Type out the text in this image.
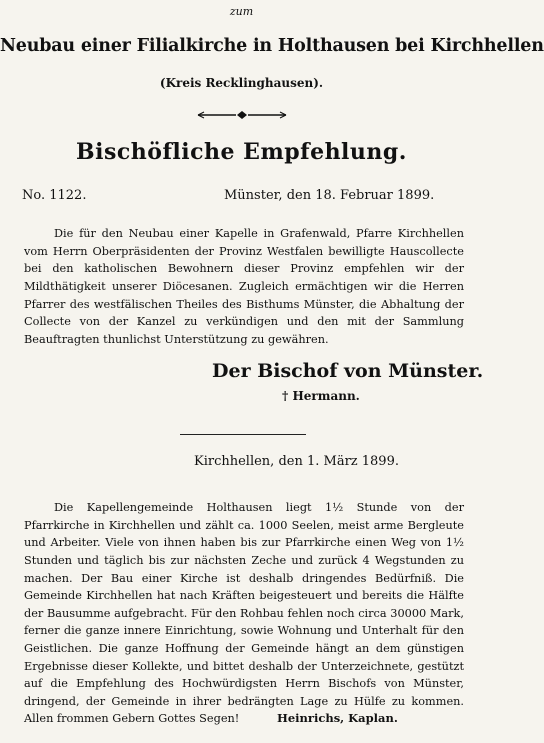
zum

Neubau einer Filialkirche in Holthausen bei Kirchhellen

(Kreis Recklinghausen).

Bischöfliche Empfehlung.

No. 1122.	Münster, den 18. Februar 1899.

Die für den Neubau einer Kapelle in Grafenwald, Pfarre Kirchhellen vom Herrn Oberpräsidenten der Provinz Westfalen bewilligte Hauscollecte bei den katholischen Bewohnern dieser Provinz empfehlen wir der Mildthätigkeit unserer Diöcesanen. Zugleich ermächtigen wir die Herren Pfarrer des westfälischen Theiles des Bisthums Münster, die Abhaltung der Collecte von der Kanzel zu verkündigen und den mit der Sammlung Beauftragten thunlichst Unterstützung zu gewähren.

Der Bischof von Münster.

† Hermann.

Kirchhellen, den 1. März 1899.

Die Kapellengemeinde Holthausen liegt 1½ Stunde von der Pfarrkirche in Kirchhellen und zählt ca. 1000 Seelen, meist arme Bergleute und Arbeiter. Viele von ihnen haben bis zur Pfarrkirche einen Weg von 1½ Stunden und täglich bis zur nächsten Zeche und zurück 4 Wegstunden zu machen. Der Bau einer Kirche ist deshalb dringendes Bedürfniß. Die Gemeinde Kirchhellen hat nach Kräften beigesteuert und bereits die Hälfte der Bausumme aufgebracht. Für den Rohbau fehlen noch circa 30000 Mark, ferner die ganze innere Einrichtung, sowie Wohnung und Unterhalt für den Geistlichen. Die ganze Hoffnung der Gemeinde hängt an dem günstigen Ergebnisse dieser Kollekte, und bittet deshalb der Unterzeichnete, gestützt auf die Empfehlung des Hochwürdigsten Herrn Bischofs von Münster, dringend, der Gemeinde in ihrer bedrängten Lage zu Hülfe zu kommen. Allen frommen Gebern Gottes Segen!	Heinrichs, Kaplan.
